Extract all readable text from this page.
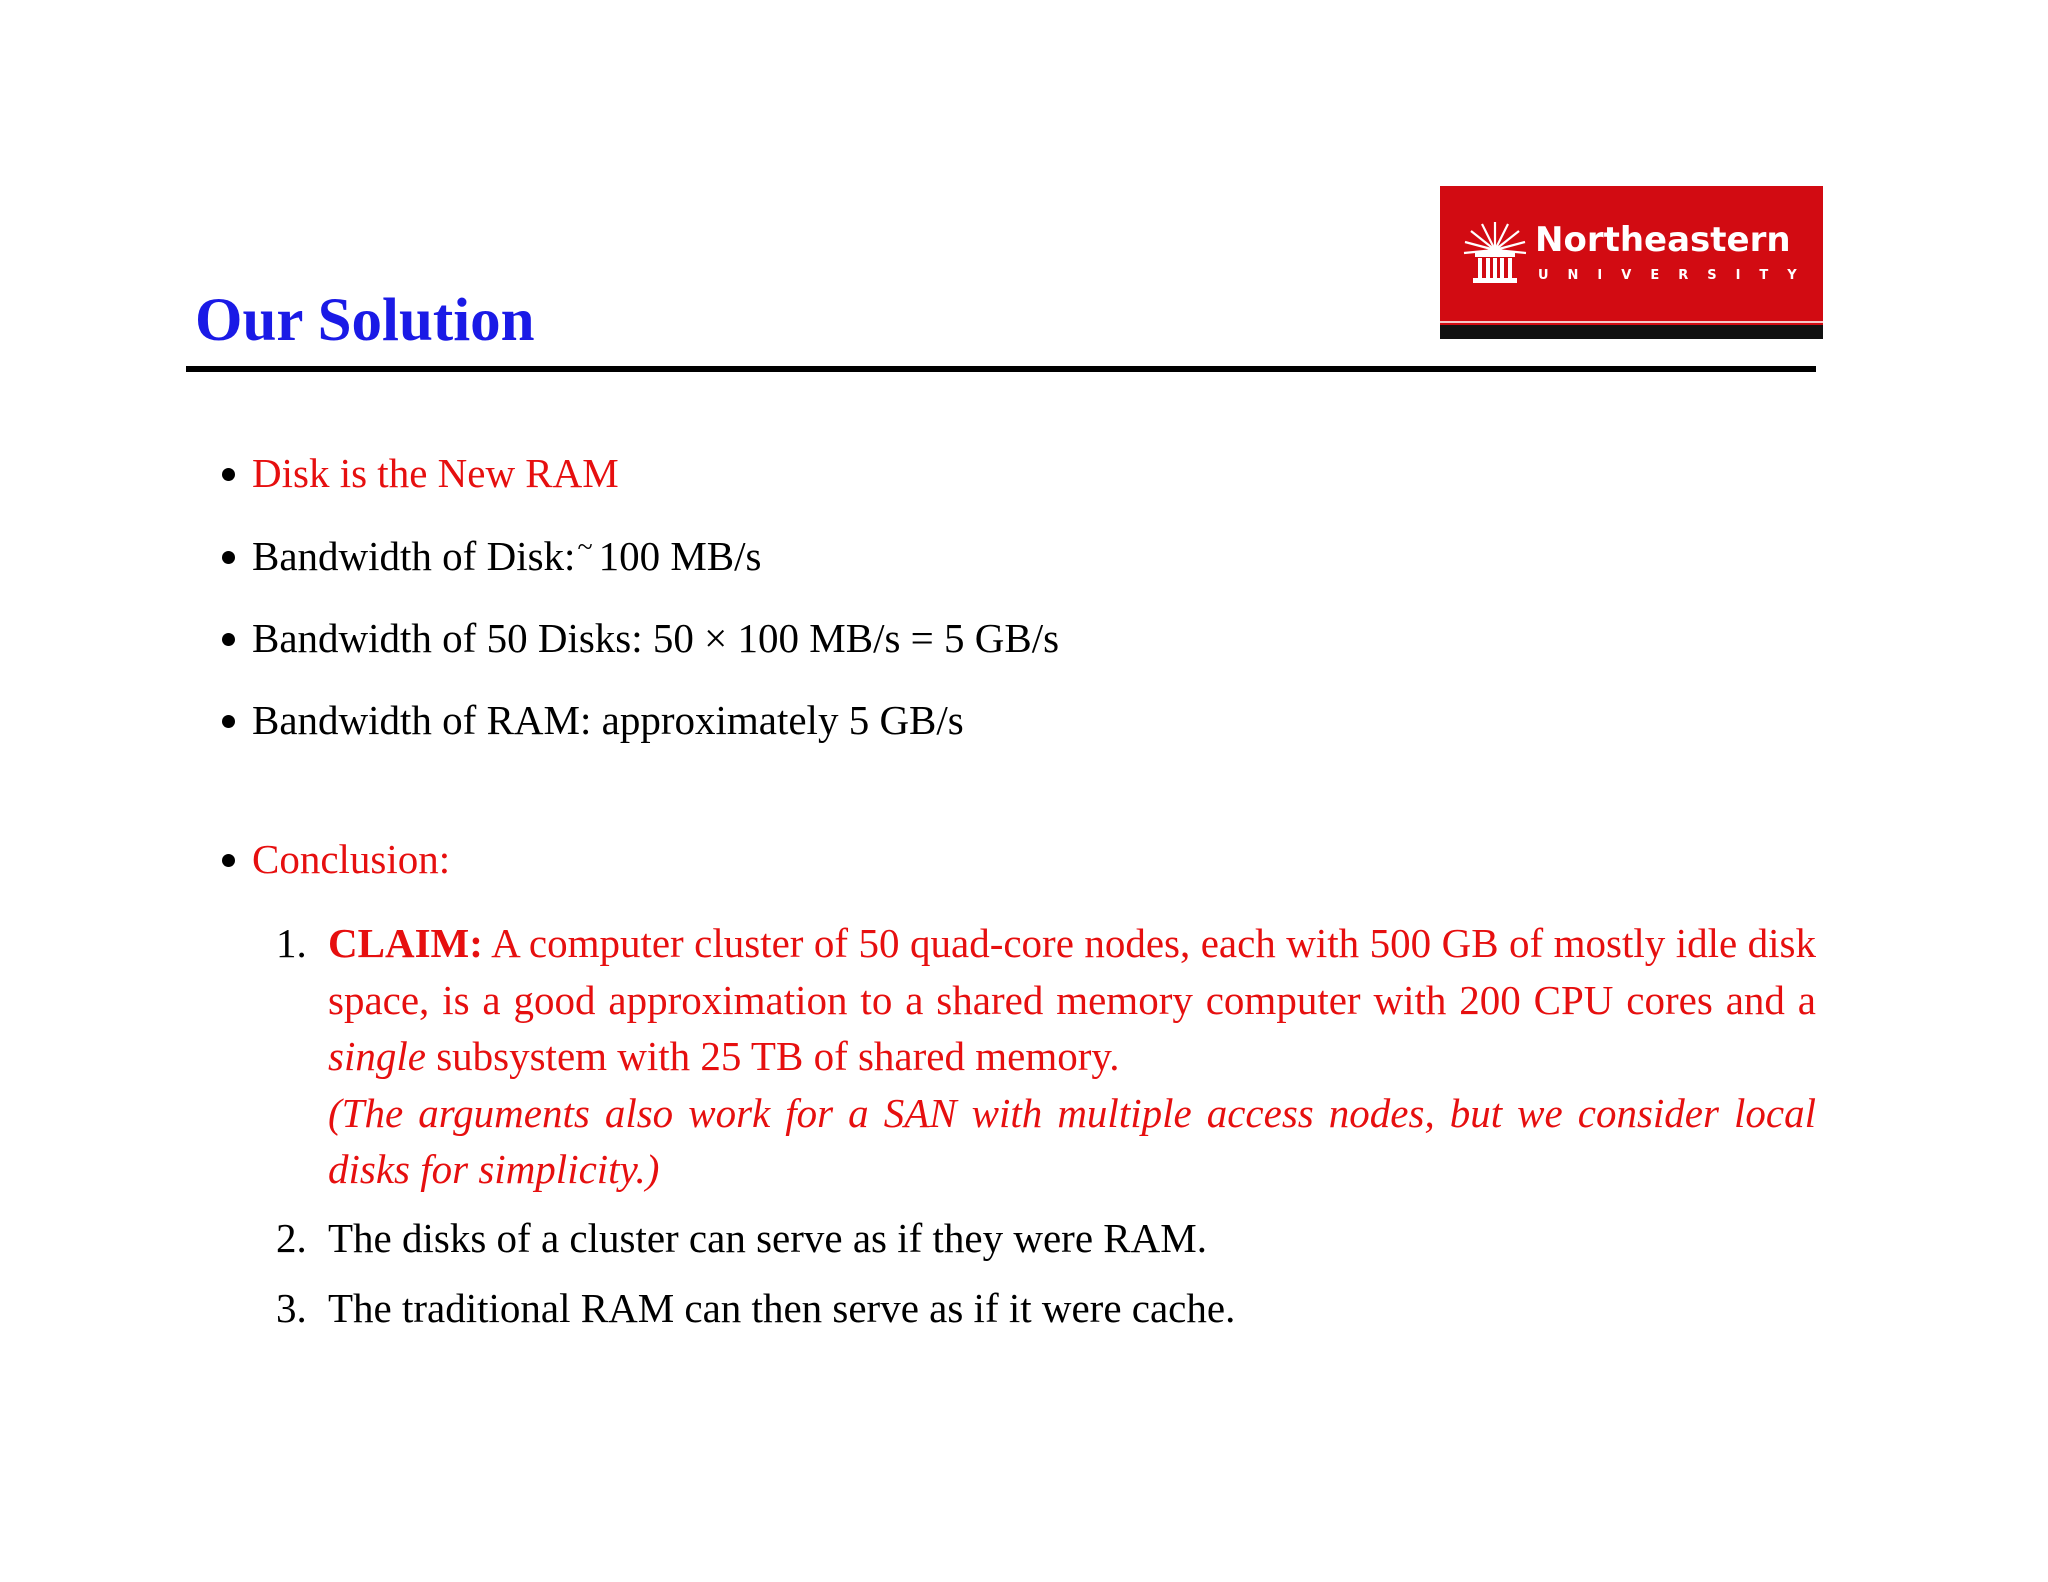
Our Solution
Northeastern
UNIVERSITY
Disk is the New RAM
Bandwidth of Disk:~ 100 MB/s
Bandwidth of 50 Disks: 50 × 100 MB/s = 5 GB/s
Bandwidth of RAM: approximately 5 GB/s
Conclusion:
1. CLAIM: A computer cluster of 50 quad-core nodes, each with 500 GB of mostly idle disk space, is a good approximation to a shared memory computer with 200 CPU cores and a single subsystem with 25 TB of shared memory.
(The arguments also work for a SAN with multiple access nodes, but we consider local disks for simplicity.)
2. The disks of a cluster can serve as if they were RAM.
3. The traditional RAM can then serve as if it were cache.
